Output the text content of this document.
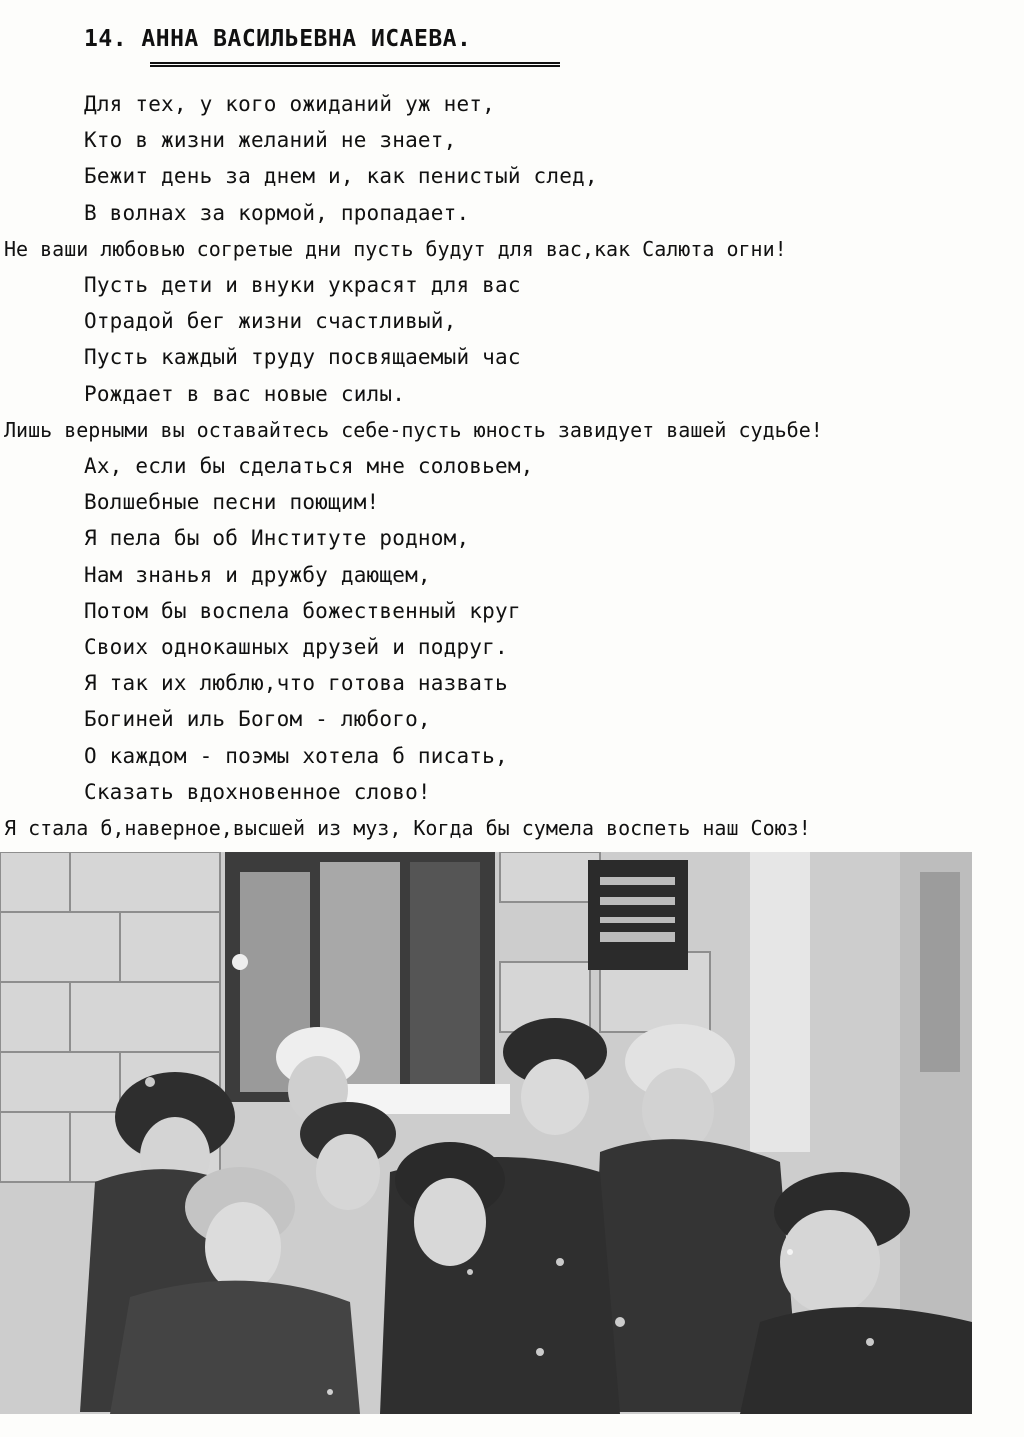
14. АННА ВАСИЛЬЕВНА ИСАЕВА.
Для тех, у кого ожиданий уж нет,
Кто в жизни желаний не знает,
Бежит день за днем и, как пенистый след,
В волнах за кормой, пропадает.
Не ваши любовью согретые дни пусть будут для вас,как Салюта огни!
Пусть дети и внуки украсят для вас
Отрадой бег жизни счастливый,
Пусть каждый труду посвящаемый час
Рождает в вас новые силы.
Лишь верными вы оставайтесь себе-пусть юность завидует вашей судьбе!
Ах, если бы сделаться мне соловьем,
Волшебные песни поющим!
Я пела бы об Институте родном,
Нам знанья и дружбу дающем,
Потом бы воспела божественный круг
Своих однокашных друзей и подруг.
Я так их люблю,что готова назвать
Богиней иль Богом - любого,
О каждом - поэмы хотела б писать,
Сказать вдохновенное слово!
Я стала б,наверное,высшей из муз, Когда бы сумела воспеть наш Союз!
